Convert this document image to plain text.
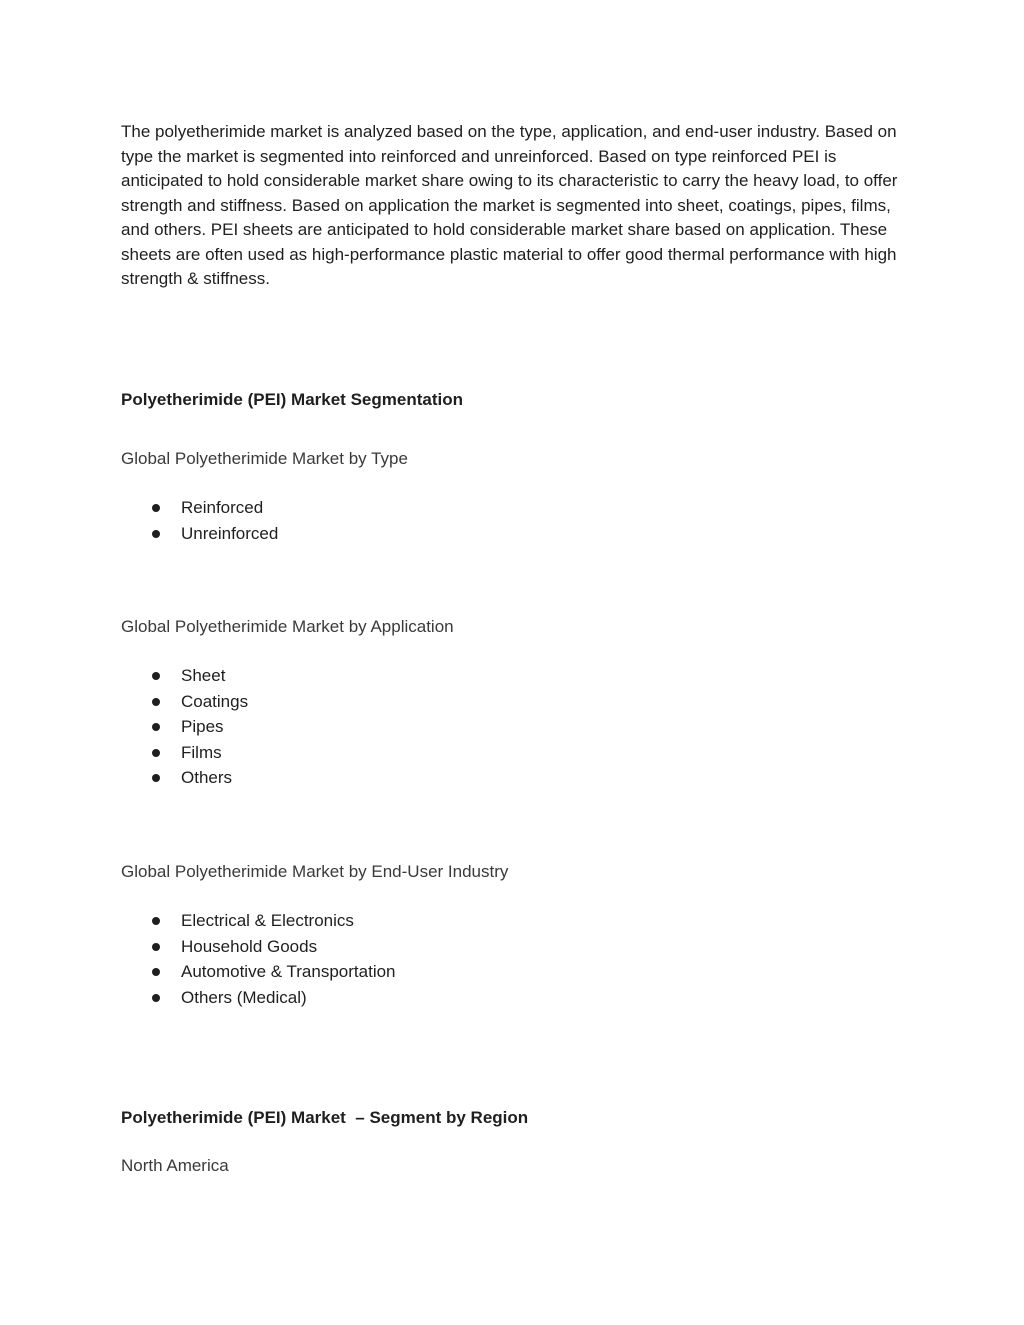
The polyetherimide market is analyzed based on the type, application, and end-user industry. Based on type the market is segmented into reinforced and unreinforced. Based on type reinforced PEI is anticipated to hold considerable market share owing to its characteristic to carry the heavy load, to offer strength and stiffness. Based on application the market is segmented into sheet, coatings, pipes, films, and others. PEI sheets are anticipated to hold considerable market share based on application. These sheets are often used as high-performance plastic material to offer good thermal performance with high strength & stiffness.

Polyetherimide (PEI) Market Segmentation

Global Polyetherimide Market by Type

Reinforced
Unreinforced

Global Polyetherimide Market by Application

Sheet
Coatings
Pipes
Films
Others

Global Polyetherimide Market by End-User Industry

Electrical & Electronics
Household Goods
Automotive & Transportation
Others (Medical)

Polyetherimide (PEI) Market  – Segment by Region

North America
